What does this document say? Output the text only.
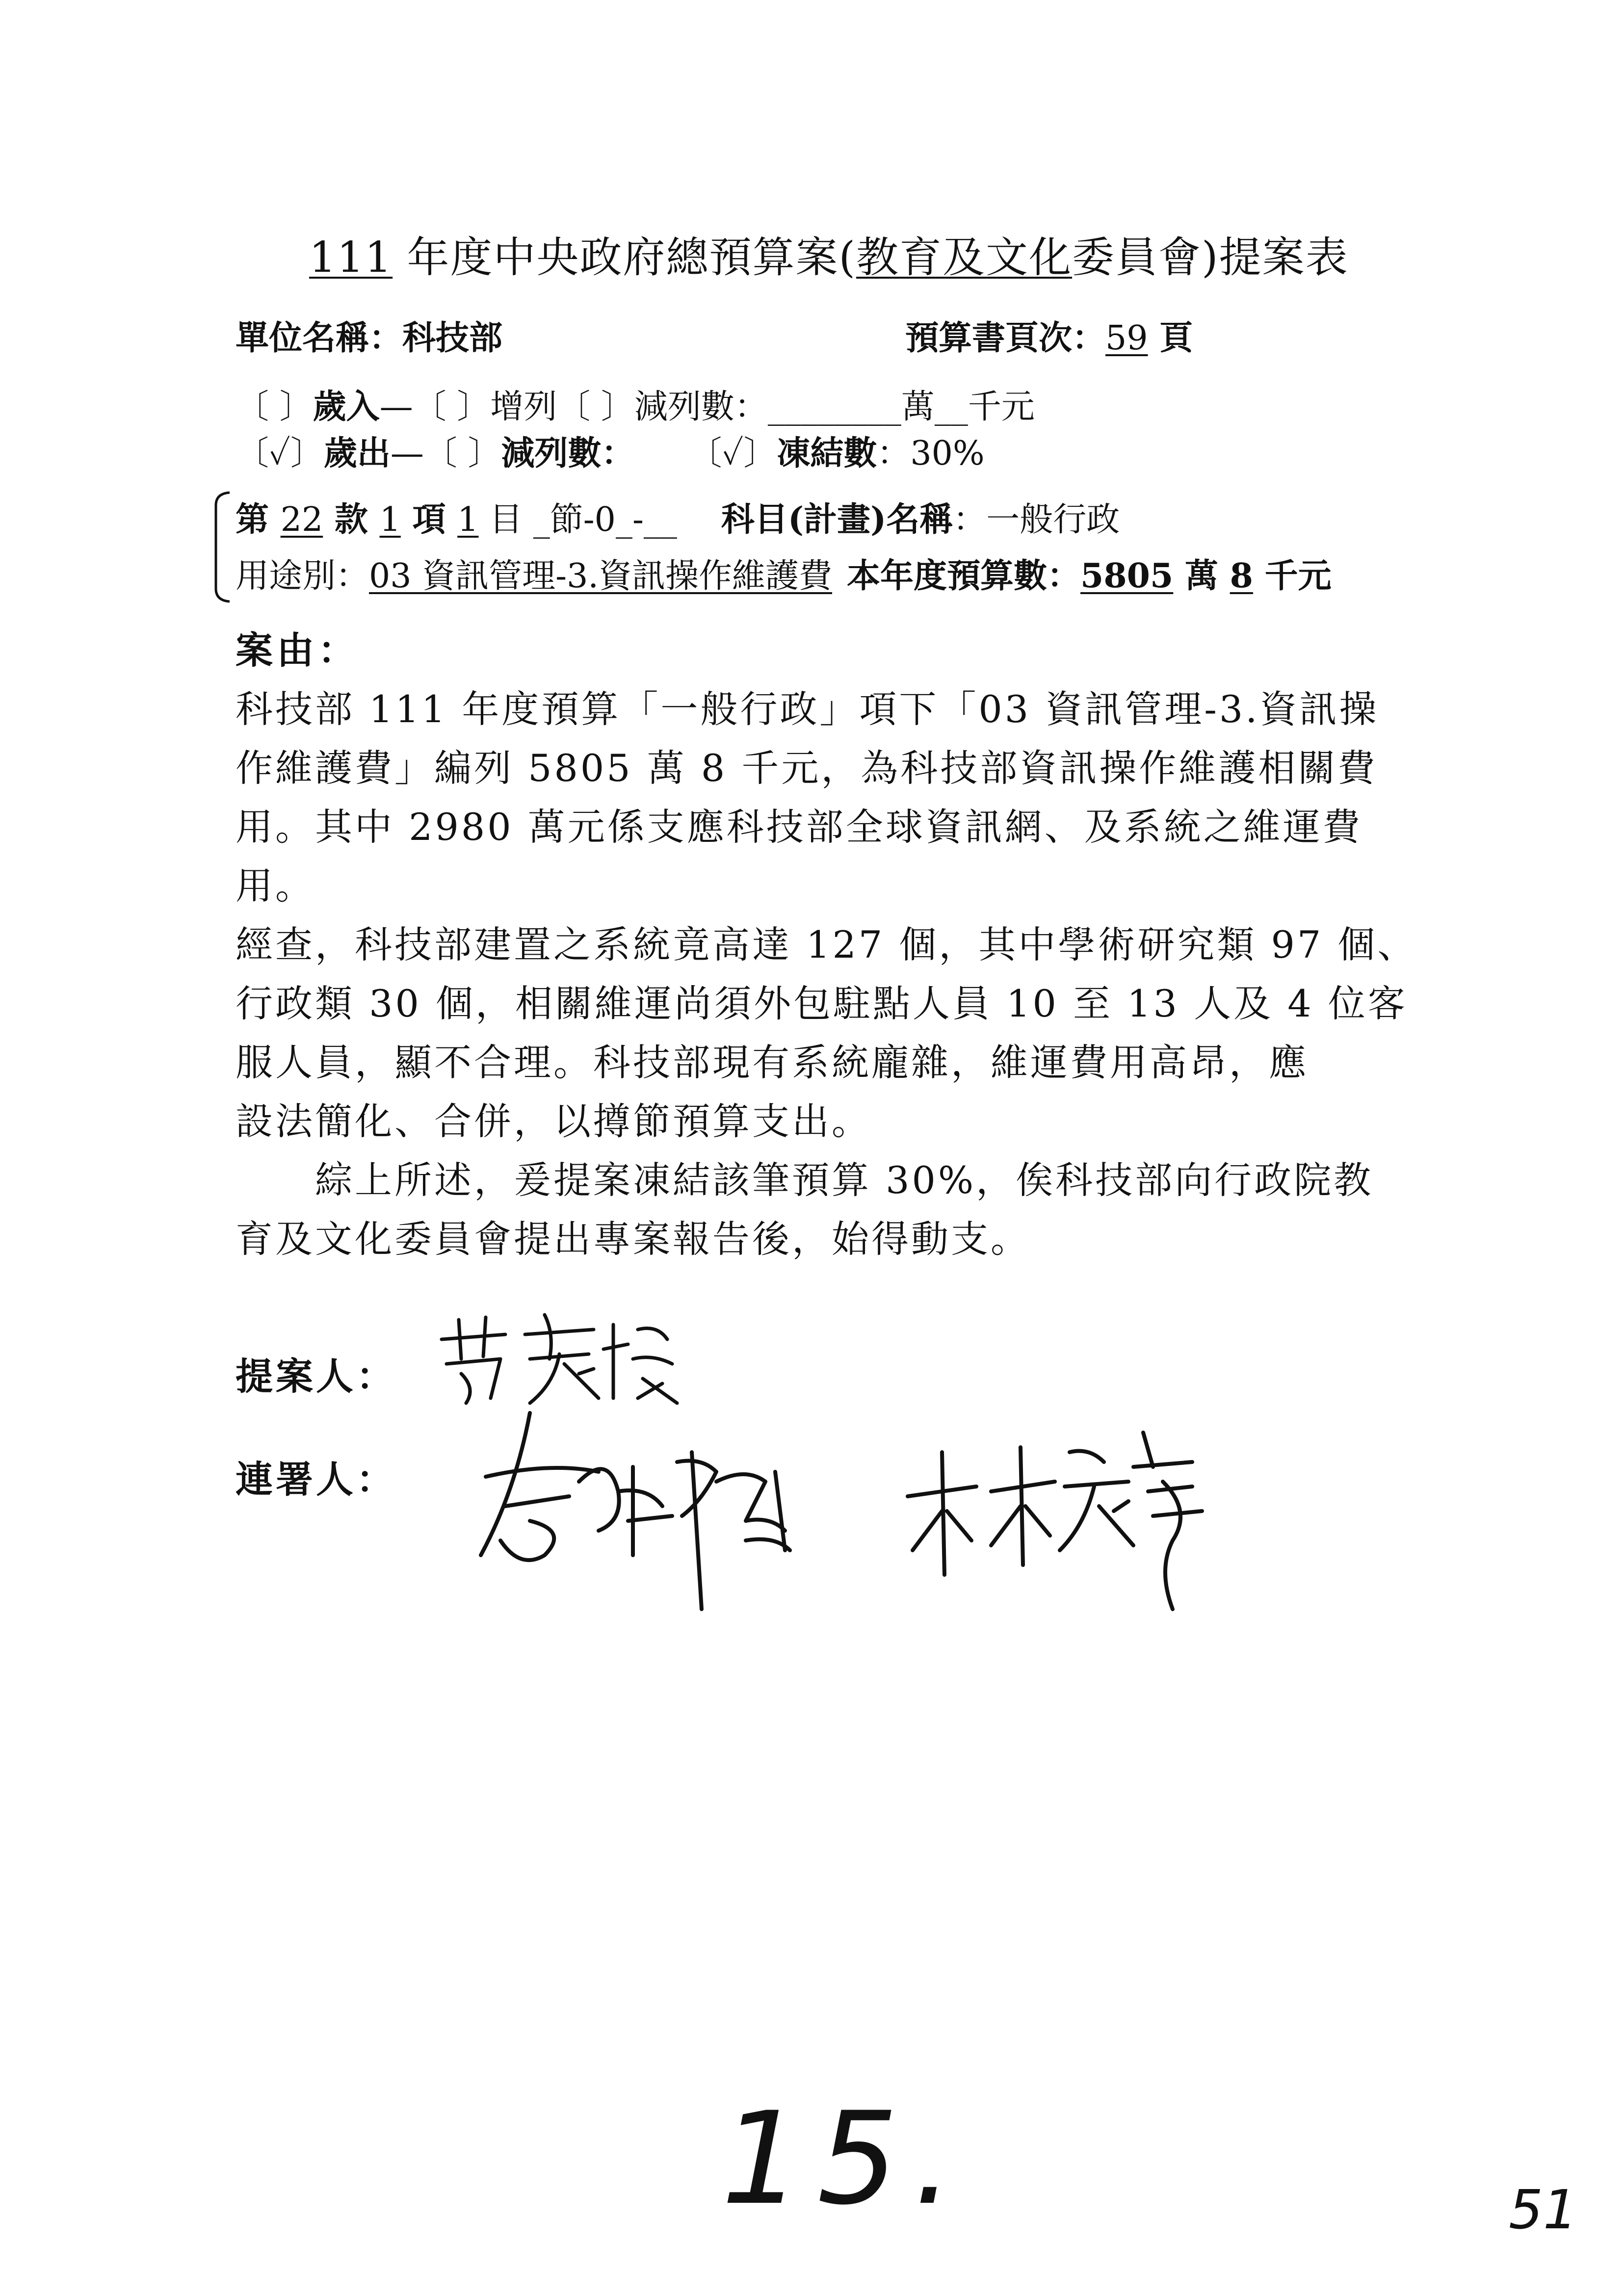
111 年度中央政府總預算案(教育及文化委員會)提案表
單位名稱：科技部	預算書頁次：59 頁
〔 〕歲入—〔 〕增列〔 〕減列數：________萬__千元
〔✓〕歲出—〔 〕減列數： 〔✓〕凍結數：30%
第 22 款 1 項 1 目 _節-0_-__ 科目(計畫)名稱：一般行政
用途別：03 資訊管理-3.資訊操作維護費 本年度預算數：5805 萬 8 千元
案由：
科技部 111 年度預算「一般行政」項下「03 資訊管理-3.資訊操
作維護費」編列 5805 萬 8 千元，為科技部資訊操作維護相關費
用。其中 2980 萬元係支應科技部全球資訊網、及系統之維運費
用。
經查，科技部建置之系統竟高達 127 個，其中學術研究類 97 個、
行政類 30 個，相關維運尚須外包駐點人員 10 至 13 人及 4 位客
服人員，顯不合理。科技部現有系統龐雜，維運費用高昂，應
設法簡化、合併，以撙節預算支出。
　　綜上所述，爰提案凍結該筆預算 30%，俟科技部向行政院教
育及文化委員會提出專案報告後，始得動支。
提案人：
連署人：
15.	51
